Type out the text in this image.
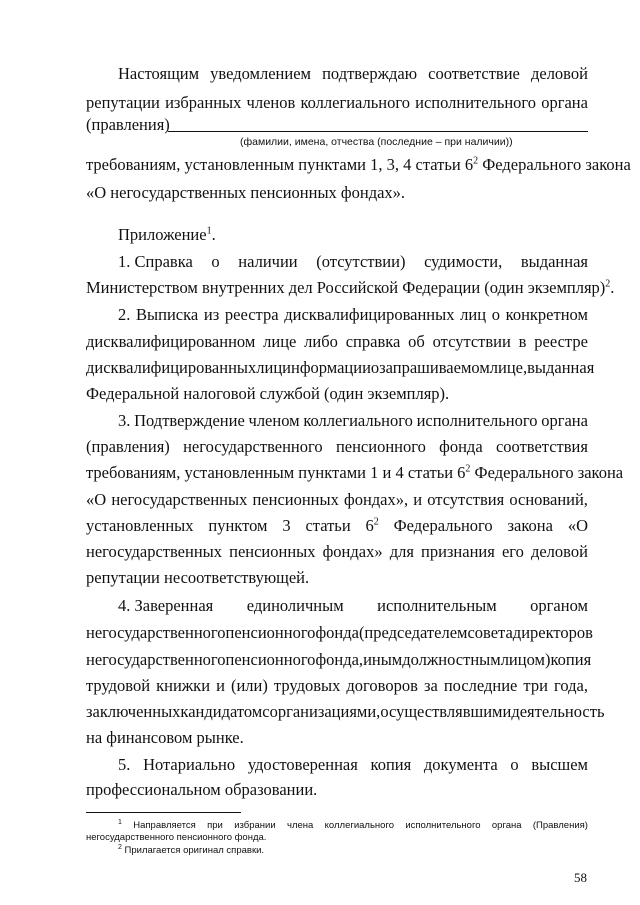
Настоящим уведомлением подтверждаю соответствие деловой
репутации избранных членов коллегиального исполнительного органа
(правления)
(фамилии, имена, отчества (последние – при наличии))
требованиям, установленным пунктами 1, 3, 4 статьи $6^2$ Федерального закона
«О негосударственных пенсионных фондах».
Приложение$^1$.
1. Справка о наличии (отсутствии) судимости, выданная
Министерством внутренних дел Российской Федерации (один экземпляр)$^2$.
2. Выписка из реестра дисквалифицированных лиц о конкретном
дисквалифицированном лице либо справка об отсутствии в реестре
дисквалифицированных лиц информации о запрашиваемом лице, выданная
Федеральной налоговой службой (один экземпляр).
3. Подтверждение членом коллегиального исполнительного органа
(правления) негосударственного пенсионного фонда соответствия
требованиям, установленным пунктами 1 и 4 статьи $6^2$ Федерального закона
«О негосударственных пенсионных фондах», и отсутствия оснований,
установленных пунктом 3 статьи $6^2$ Федерального закона «О
негосударственных пенсионных фондах» для признания его деловой
репутации несоответствующей.
4. Заверенная единоличным исполнительным органом
негосударственного пенсионного фонда (председателем совета директоров
негосударственного пенсионного фонда, иным должностным лицом) копия
трудовой книжки и (или) трудовых договоров за последние три года,
заключенных кандидатом с организациями, осуществлявшими деятельность
на финансовом рынке.
5. Нотариально удостоверенная копия документа о высшем
профессиональном образовании.
$^1$ Направляется при избрании члена коллегиального исполнительного органа (Правления)
негосударственного пенсионного фонда.
$^2$ Прилагается оригинал справки.
58
